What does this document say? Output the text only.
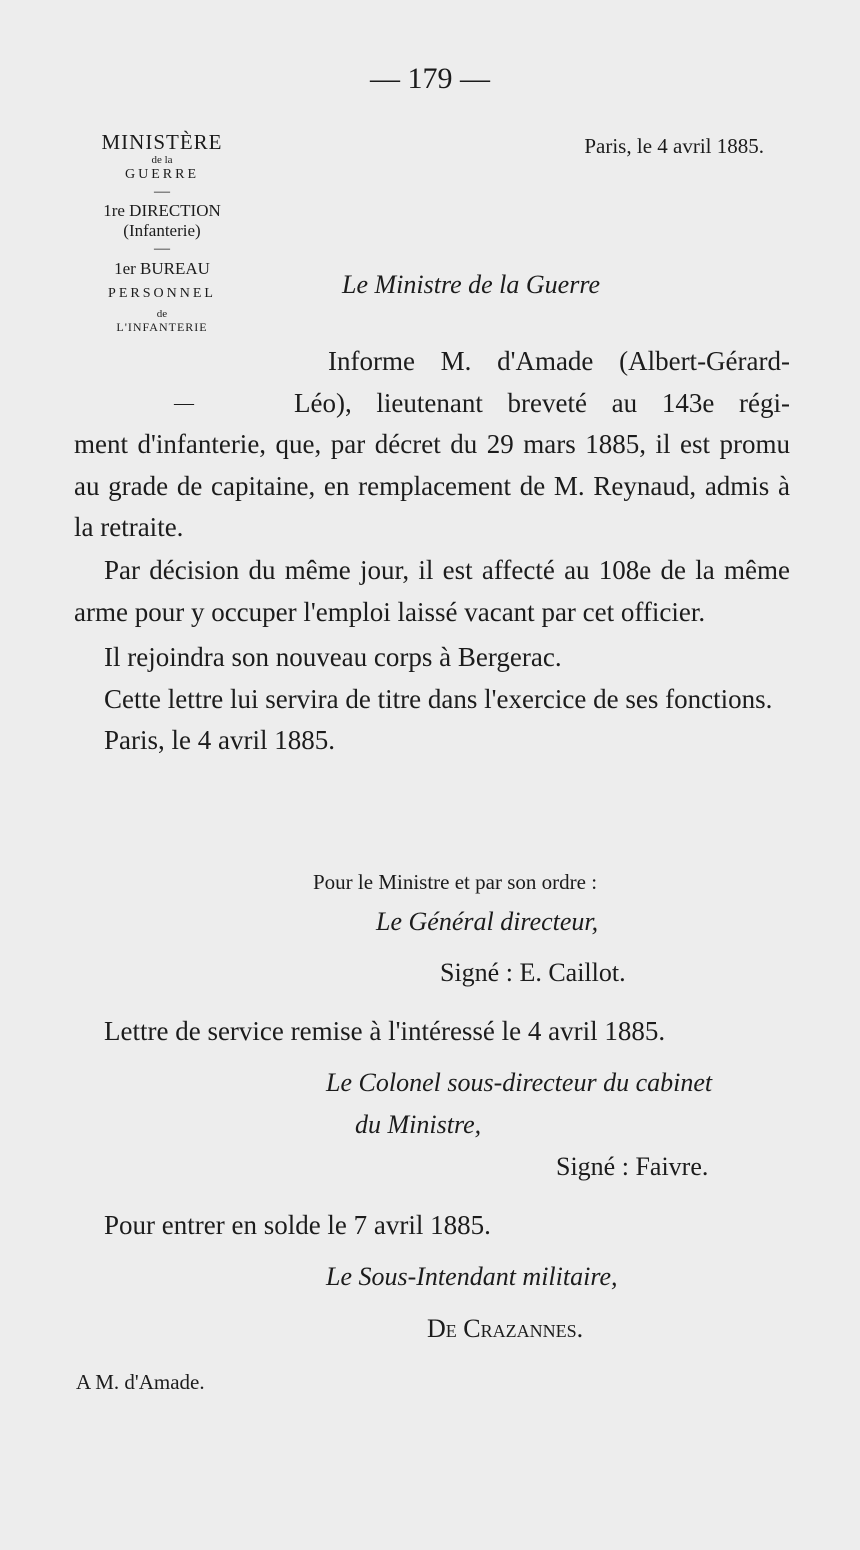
— 179 —
MINISTÈRE
de la
GUERRE
—
1re DIRECTION
(Infanterie)
—
1er BUREAU
PERSONNEL
de
L'INFANTERIE
Paris, le 4 avril 1885.
Le Ministre de la Guerre
Informe M. d'Amade (Albert-Gérard-
Léo), lieutenant breveté au 143e régi-
ment d'infanterie, que, par décret du 29 mars 1885, il est promu au grade de capitaine, en remplacement de M. Reynaud, admis à la retraite.
—
Par décision du même jour, il est affecté au 108e de la même arme pour y occuper l'emploi laissé vacant par cet officier.
Il rejoindra son nouveau corps à Bergerac.
Cette lettre lui servira de titre dans l'exercice de ses fonctions.
Paris, le 4 avril 1885.
Pour le Ministre et par son ordre :
Le Général directeur,
Signé : E. Caillot.
Lettre de service remise à l'intéressé le 4 avril 1885.
Le Colonel sous-directeur du cabinet
du Ministre,
Signé : Faivre.
Pour entrer en solde le 7 avril 1885.
Le Sous-Intendant militaire,
De Crazannes.
A M. d'Amade.
